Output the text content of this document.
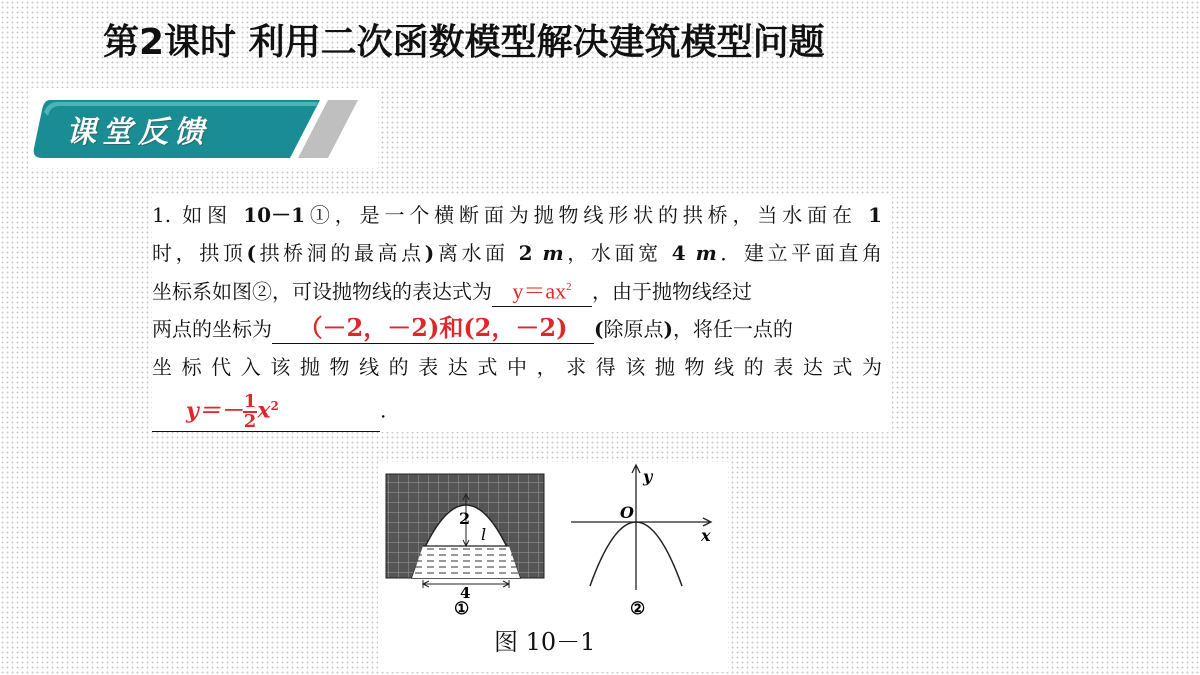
第2课时 利用二次函数模型解决建筑模型问题
课堂反馈
1. 如图 10－1①，是一个横断面为抛物线形状的拱桥，当水面在 1
时，拱顶(拱桥洞的最高点)离水面 2 m，水面宽 4 m．建立平面直角
坐标系如图②，可设抛物线的表达式为 $y=ax^2$ ，由于抛物线经过
两点的坐标为 （－2，－2)和(2，－2) (除原点)，将任一点的
坐标代入该抛物线的表达式中，求得该抛物线的表达式为
$y=- \frac{1}{2} x^2$	.
2
l
4
①
y
x
O
②
图 10－1
